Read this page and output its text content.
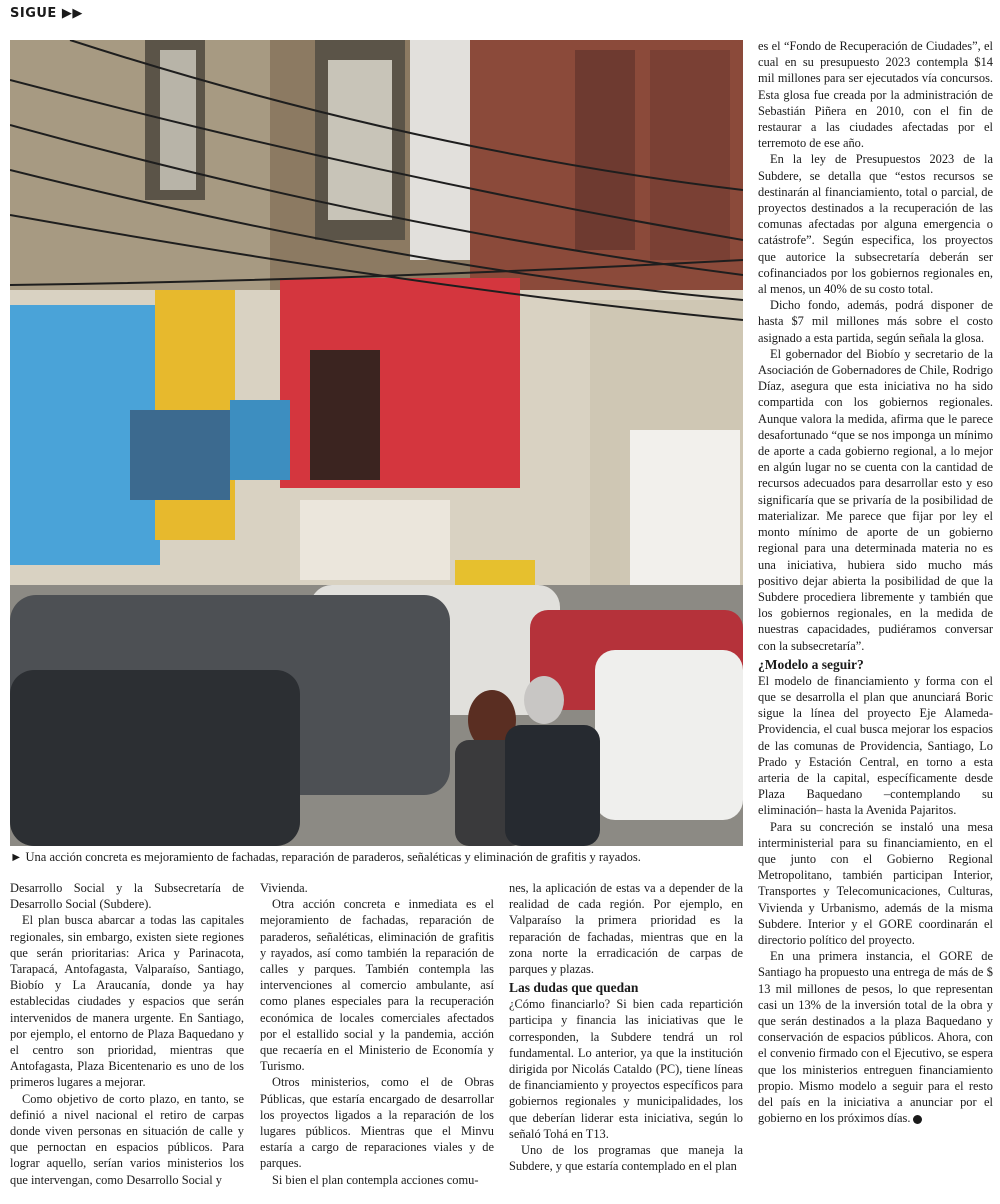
SIGUE ▶▶
► Una acción concreta es mejoramiento de fachadas, reparación de paraderos, señaléticas y eliminación de grafitis y rayados.

Desarrollo Social y la Subsecretaría de Desarrollo Social (Subdere).

El plan busca abarcar a todas las capitales regionales, sin embargo, existen siete regiones que serán prioritarias: Arica y Parinacota, Tarapacá, Antofagasta, Valparaíso, Santiago, Biobío y La Araucanía, donde ya hay establecidas ciudades y espacios que serán intervenidos de manera urgente. En Santiago, por ejemplo, el entorno de Plaza Baquedano y el centro son prioridad, mientras que Antofagasta, Plaza Bicentenario es uno de los primeros lugares a mejorar.

Como objetivo de corto plazo, en tanto, se definió a nivel nacional el retiro de carpas donde viven personas en situación de calle y que pernoctan en espacios públicos. Para lograr aquello, serían varios ministerios los que intervengan, como Desarrollo Social y

Vivienda.

Otra acción concreta e inmediata es el mejoramiento de fachadas, reparación de paraderos, señaléticas, eliminación de grafitis y rayados, así como también la reparación de calles y parques. También contempla las intervenciones al comercio ambulante, así como planes especiales para la recuperación económica de locales comerciales afectados por el estallido social y la pandemia, acción que recaería en el Ministerio de Economía y Turismo.

Otros ministerios, como el de Obras Públicas, que estaría encargado de desarrollar los proyectos ligados a la reparación de los lugares públicos. Mientras que el Minvu estaría a cargo de reparaciones viales y de parques.

Si bien el plan contempla acciones comu-

nes, la aplicación de estas va a depender de la realidad de cada región. Por ejemplo, en Valparaíso la primera prioridad es la reparación de fachadas, mientras que en la zona norte la erradicación de carpas de parques y plazas.

Las dudas que quedan

¿Cómo financiarlo? Si bien cada repartición participa y financia las iniciativas que le corresponden, la Subdere tendrá un rol fundamental. Lo anterior, ya que la institución dirigida por Nicolás Cataldo (PC), tiene líneas de financiamiento y proyectos específicos para gobiernos regionales y municipalidades, los que deberían liderar esta iniciativa, según lo señaló Tohá en T13.

Uno de los programas que maneja la Subdere, y que estaría contemplado en el plan

es el “Fondo de Recuperación de Ciudades”, el cual en su presupuesto 2023 contempla $14 mil millones para ser ejecutados vía concursos. Esta glosa fue creada por la administración de Sebastián Piñera en 2010, con el fin de restaurar a las ciudades afectadas por el terremoto de ese año.

En la ley de Presupuestos 2023 de la Subdere, se detalla que “estos recursos se destinarán al financiamiento, total o parcial, de proyectos destinados a la recuperación de las comunas afectadas por alguna emergencia o catástrofe”. Según especifica, los proyectos que autorice la subsecretaría deberán ser cofinanciados por los gobiernos regionales en, al menos, un 40% de su costo total.

Dicho fondo, además, podrá disponer de hasta $7 mil millones más sobre el costo asignado a esta partida, según señala la glosa.

El gobernador del Biobío y secretario de la Asociación de Gobernadores de Chile, Rodrigo Díaz, asegura que esta iniciativa no ha sido compartida con los gobiernos regionales. Aunque valora la medida, afirma que le parece desafortunado “que se nos imponga un mínimo de aporte a cada gobierno regional, a lo mejor en algún lugar no se cuenta con la cantidad de recursos adecuados para desarrollar esto y eso significaría que se privaría de la posibilidad de materializar. Me parece que fijar por ley el monto mínimo de aporte de un gobierno regional para una determinada materia no es una iniciativa, hubiera sido mucho más positivo dejar abierta la posibilidad de que la Subdere procediera libremente y también que los gobiernos regionales, en la medida de nuestras capacidades, pudiéramos conversar con la subsecretaría”.

¿Modelo a seguir?

El modelo de financiamiento y forma con el que se desarrolla el plan que anunciará Boric sigue la línea del proyecto Eje Alameda-Providencia, el cual busca mejorar los espacios de las comunas de Providencia, Santiago, Lo Prado y Estación Central, en torno a esta arteria de la capital, específicamente desde Plaza Baquedano –contemplando su eliminación– hasta la Avenida Pajaritos.

Para su concreción se instaló una mesa interministerial para su financiamiento, en el que junto con el Gobierno Regional Metropolitano, también participan Interior, Transportes y Telecomunicaciones, Culturas, Vivienda y Urbanismo, además de la misma Subdere. Interior y el GORE coordinarán el directorio político del proyecto.

En una primera instancia, el GORE de Santiago ha propuesto una entrega de más de $ 13 mil millones de pesos, lo que representan casi un 13% de la inversión total de la obra y que serán destinados a la plaza Baquedano y conservación de espacios públicos. Ahora, con el convenio firmado con el Ejecutivo, se espera que los ministerios entreguen financiamiento propio. Mismo modelo a seguir para el resto del país en la iniciativa a anunciar por el gobierno en los próximos días.
